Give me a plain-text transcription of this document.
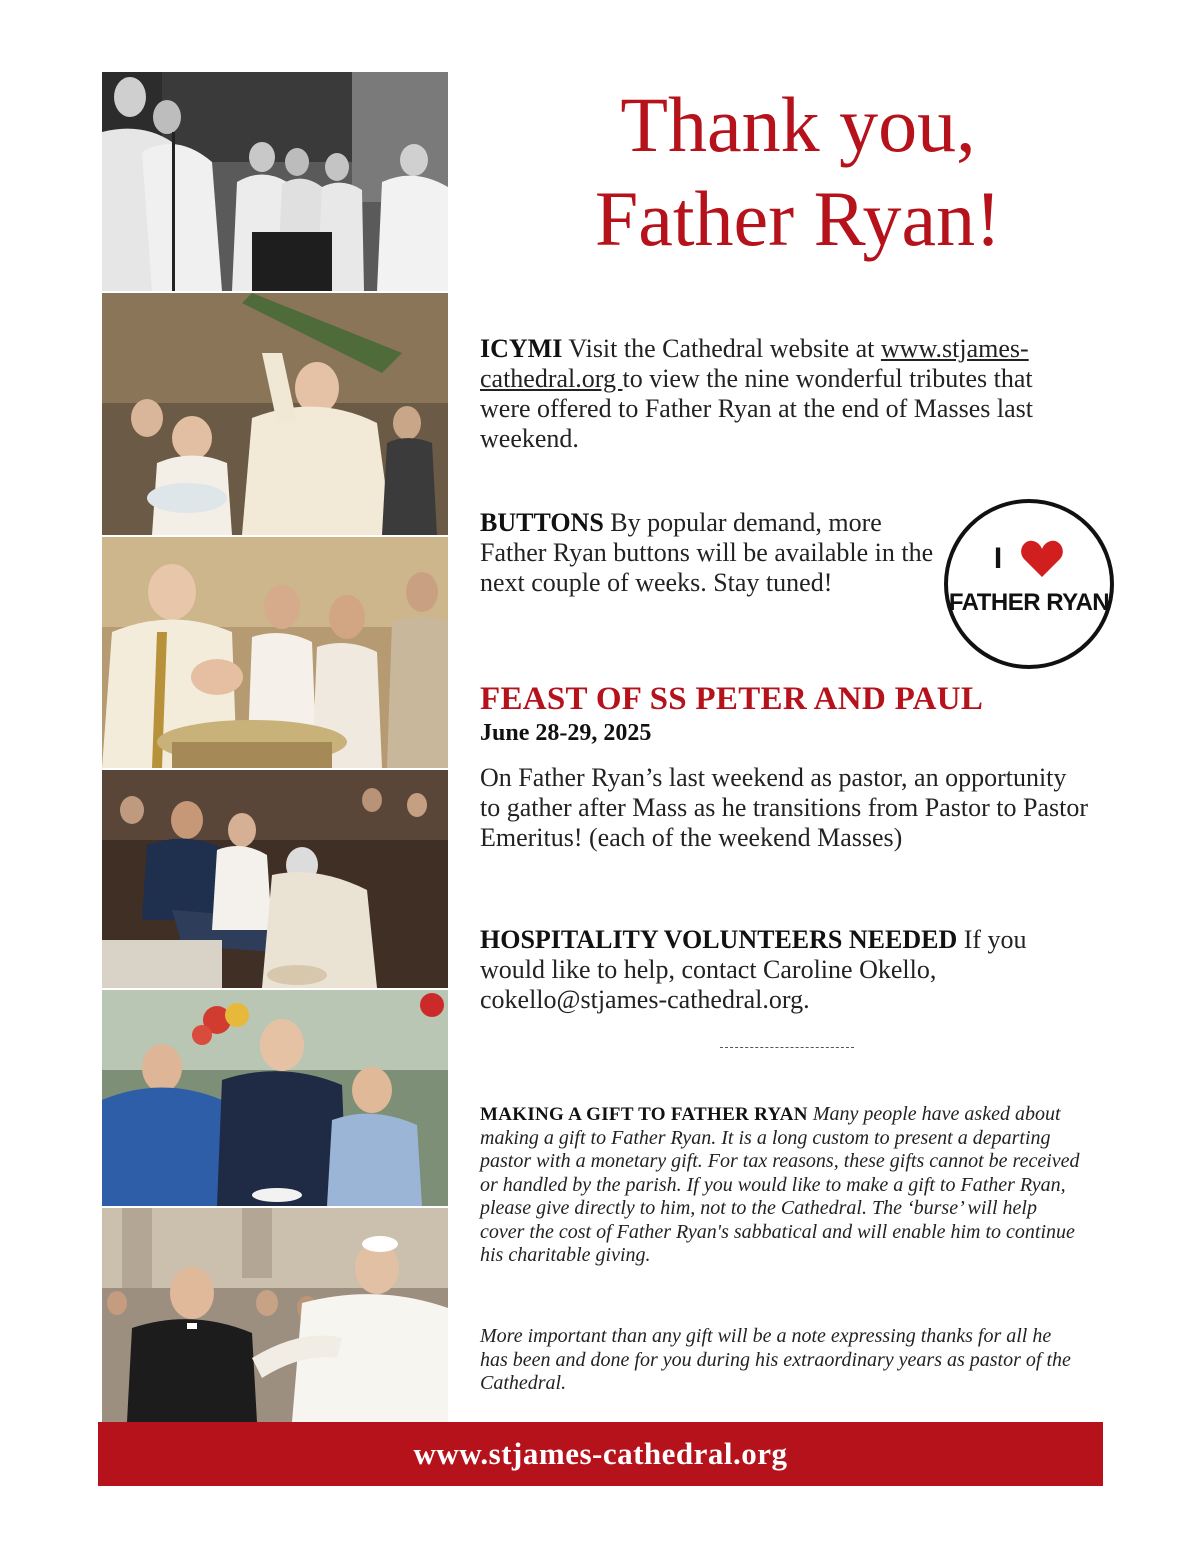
Thank you,
Father Ryan!

ICYMI Visit the Cathedral website at www.stjames-cathedral.org to view the nine wonderful tributes that were offered to Father Ryan at the end of Masses last weekend.

BUTTONS By popular demand, more Father Ryan buttons will be available in the next couple of weeks. Stay tuned!

I
FATHER RYAN
FEAST OF SS PETER AND PAUL

June 28-29, 2025

On Father Ryan’s last weekend as pastor, an opportunity to gather after Mass as he transitions from Pastor to Pastor Emeritus! (each of the weekend Masses)

HOSPITALITY VOLUNTEERS NEEDED If you would like to help, contact Caroline Okello, cokello@stjames-cathedral.org.

MAKING A GIFT TO FATHER RYAN Many people have asked about making a gift to Father Ryan. It is a long custom to present a departing pastor with a monetary gift. For tax reasons, these gifts cannot be received or handled by the parish. If you would like to make a gift to Father Ryan, please give directly to him, not to the Cathedral. The ‘burse’ will help cover the cost of Father Ryan's sabbatical and will enable him to continue his charitable giving.

More important than any gift will be a note expressing thanks for all he has been and done for you during his extraordinary years as pastor of the Cathedral.

www.stjames-cathedral.org
